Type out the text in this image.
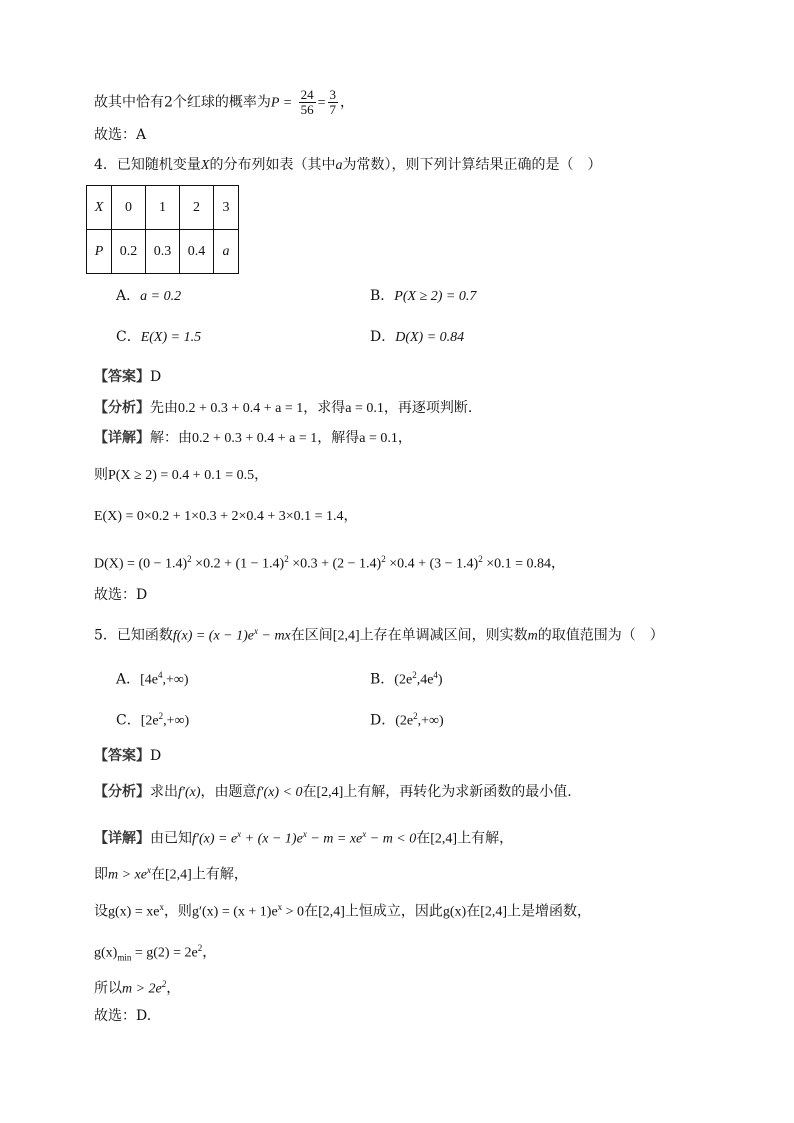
故其中恰有2个红球的概率为$P = \frac{24}{56} = \frac{3}{7}$ ，
故选：A
4．已知随机变量X的分布列如表（其中a为常数），则下列计算结果正确的是（　）
X	0	1	2	3
P	0.2	0.3	0.4	a
A．a = 0.2	B．P(X ≥ 2) = 0.7
C．E(X) = 1.5	D．D(X) = 0.84
【答案】D
【分析】先由0.2 + 0.3 + 0.4 + a = 1，求得a = 0.1，再逐项判断.
【详解】解：由0.2 + 0.3 + 0.4 + a = 1，解得a = 0.1，
则P(X ≥ 2) = 0.4 + 0.1 = 0.5，
E(X) = 0×0.2 + 1×0.3 + 2×0.4 + 3×0.1 = 1.4，
$D(X) = (0 - 1.4)^2 \times 0.2 + (1 - 1.4)^2 \times 0.3 + (2 - 1.4)^2 \times 0.4 + (3 - 1.4)^2 \times 0.1 = 0.84$，
故选：D
5．已知函数$f(x) = (x - 1)e^x$ − mx在区间[2,4]上存在单调减区间，则实数m的取值范围为（　）
A．$[4e^4,+\infty)$	B．$(2e^2,4e^4)$
C．$[2e^2,+\infty)$	D．$(2e^2,+\infty)$
【答案】D
【分析】求出f′(x)，由题意f′(x) < 0在[2,4]上有解，再转化为求新函数的最小值.
【详解】由已知$f'(x) = e^x + (x - 1)e^x - m = xe^x - m < 0$在[2,4]上有解，
即$m > xe^x$在[2,4]上有解，
设$g(x) = xe^x$，则$g'(x) = (x + 1)e^x > 0$在[2,4]上恒成立，因此g(x)在[2,4]上是增函数，
$g(x)_{min} = g(2) = 2e^2$，
所以$m > 2e^2$，
故选：D.
